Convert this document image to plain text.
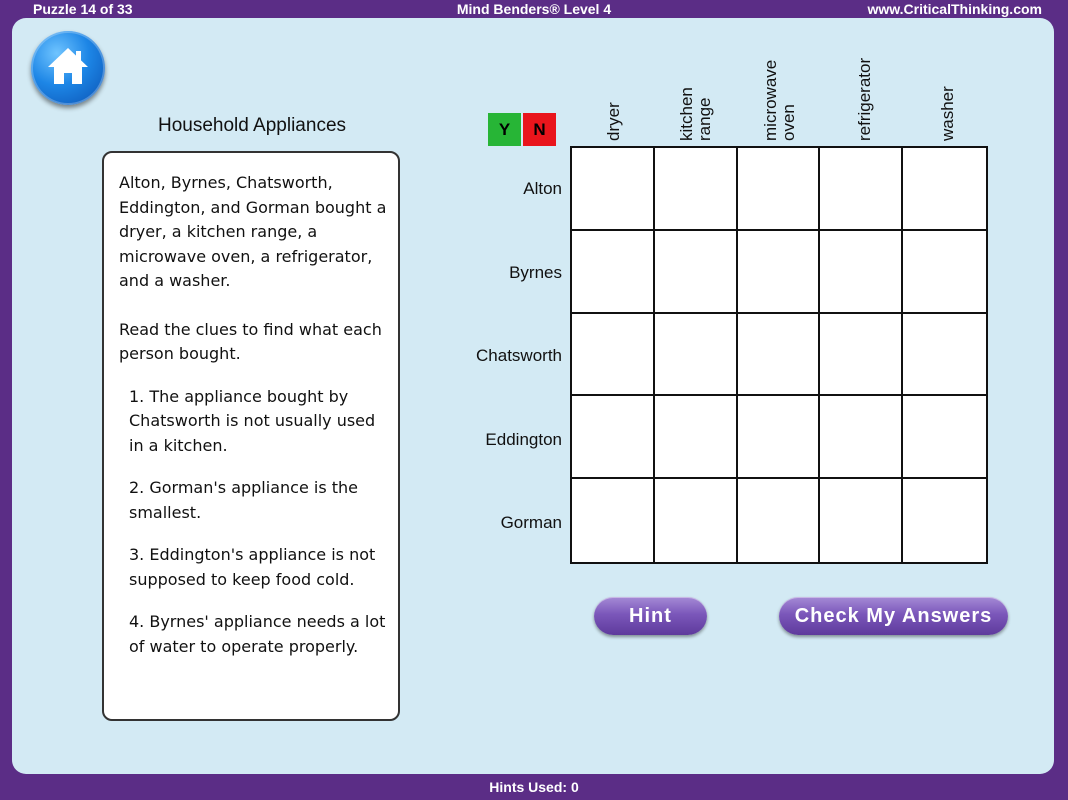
Puzzle 14 of 33	Mind Benders® Level 4	www.CriticalThinking.com
Household Appliances

Alton, Byrnes, Chatsworth, Eddington, and Gorman bought a dryer, a kitchen range, a microwave oven, a refrigerator, and a washer.

Read the clues to find what each person bought.

1. The appliance bought by Chatsworth is not usually used in a kitchen.

2. Gorman's appliance is the smallest.

3. Eddington's appliance is not supposed to keep food cold.

4. Byrnes' appliance needs a lot of water to operate properly.

Y	N	dryer	kitchen range	microwave oven	refrigerator	washer
Alton
Byrnes
Chatsworth
Eddington
Gorman
Hint	Check My Answers
Hints Used: 0
